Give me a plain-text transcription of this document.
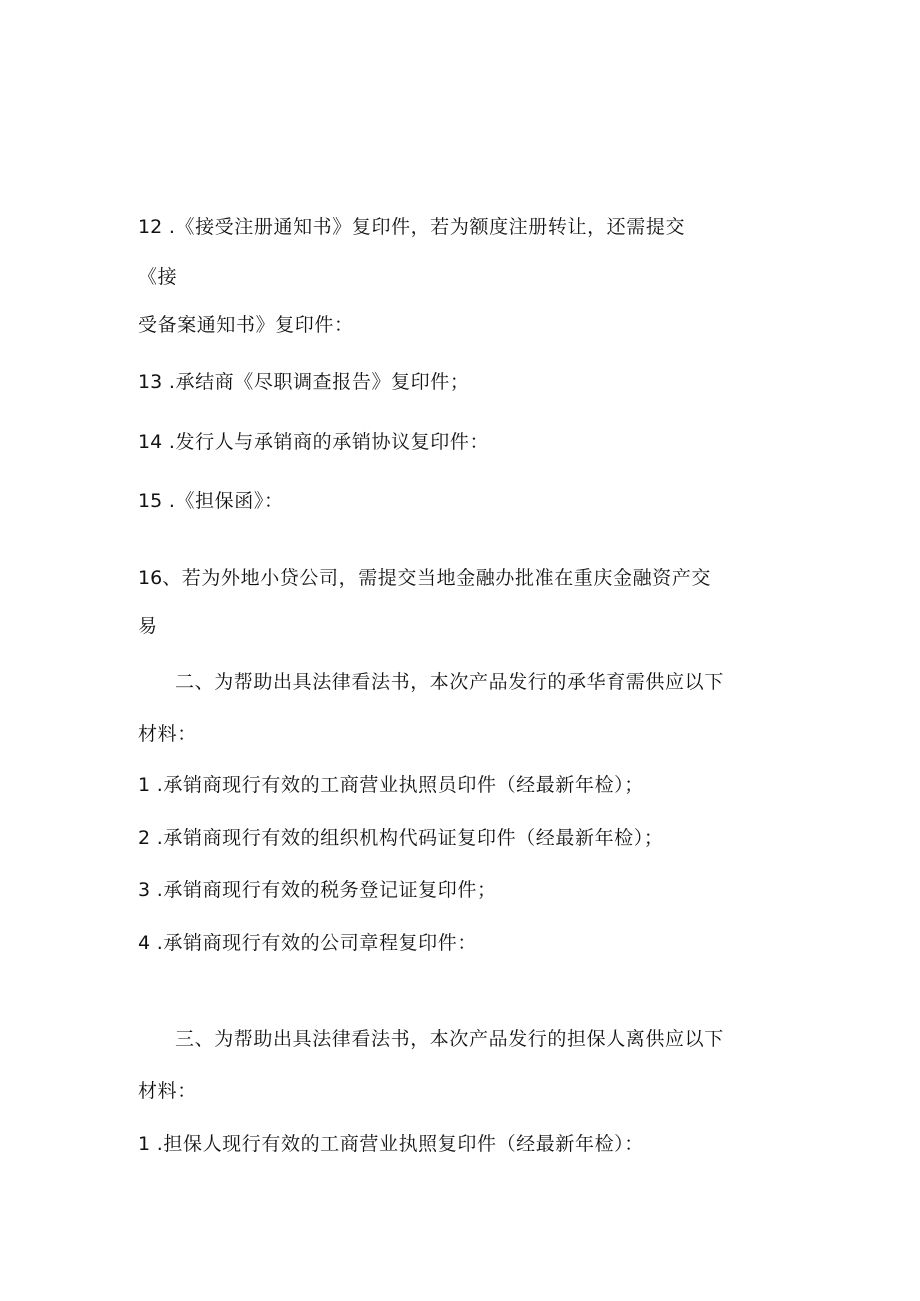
12 .《接受注册通知书》复印件，若为额度注册转让，还需提交
《接
受备案通知书》复印件：
13 .承结商《尽职调查报告》复印件；
14 .发行人与承销商的承销协议复印件：
15 .《担保函》：
16、若为外地小贷公司，需提交当地金融办批准在重庆金融资产交
易
二、为帮助出具法律看法书，本次产品发行的承华育需供应以下
材料：
1 .承销商现行有效的工商营业执照员印件（经最新年检）；
2 .承销商现行有效的组织机构代码证复印件（经最新年检）；
3 .承销商现行有效的税务登记证复印件；
4 .承销商现行有效的公司章程复印件：
三、为帮助出具法律看法书，本次产品发行的担保人离供应以下
材料：
1 .担保人现行有效的工商营业执照复印件（经最新年检）：
